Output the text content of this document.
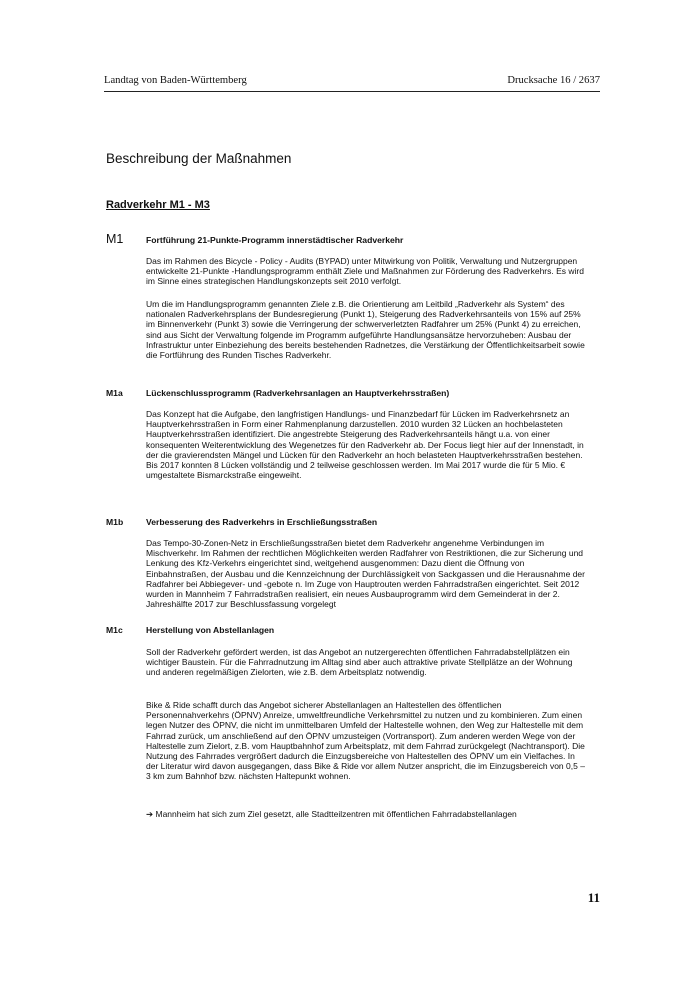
Landtag von Baden-Württemberg	Drucksache 16 / 2637
Beschreibung der Maßnahmen
Radverkehr M1 - M3
M1	Fortführung 21-Punkte-Programm innerstädtischer Radverkehr

Das im Rahmen des Bicycle - Policy - Audits (BYPAD) unter Mitwirkung von Politik, Verwaltung und Nutzergruppen entwickelte 21-Punkte -Handlungsprogramm enthält Ziele und Maßnahmen zur Förderung des Radverkehrs. Es wird im Sinne eines strategischen Handlungskonzepts seit 2010 verfolgt.

Um die im Handlungsprogramm genannten Ziele z.B. die Orientierung am Leitbild „Radverkehr als System“ des nationalen Radverkehrsplans der Bundesregierung (Punkt 1), Steigerung des Radverkehrsanteils von 15% auf 25% im Binnenverkehr (Punkt 3) sowie die Verringerung der schwerverletzten Radfahrer um 25% (Punkt 4) zu erreichen, sind aus Sicht der Verwaltung folgende im Programm aufgeführte Handlungsansätze hervorzuheben: Ausbau der Infrastruktur unter Einbeziehung des bereits bestehenden Radnetzes, die Verstärkung der Öffentlichkeitsarbeit sowie die Fortführung des Runden Tisches Radverkehr.

M1a	Lückenschlussprogramm (Radverkehrsanlagen an Hauptverkehrsstraßen)

Das Konzept hat die Aufgabe, den langfristigen Handlungs- und Finanzbedarf für Lücken im Radverkehrsnetz an Hauptverkehrsstraßen in Form einer Rahmenplanung darzustellen. 2010 wurden 32 Lücken an hochbelasteten Hauptverkehrsstraßen identifiziert. Die angestrebte Steigerung des Radverkehrsanteils hängt u.a. von einer konsequenten Weiterentwicklung des Wegenetzes für den Radverkehr ab. Der Focus liegt hier auf der Innenstadt, in der die gravierendsten Mängel und Lücken für den Radverkehr an hoch belasteten Hauptverkehrsstraßen bestehen. Bis 2017 konnten 8 Lücken vollständig und 2 teilweise geschlossen werden. Im Mai 2017 wurde die für 5 Mio. € umgestaltete Bismarckstraße eingeweiht.

M1b	Verbesserung des Radverkehrs in Erschließungsstraßen

Das Tempo-30-Zonen-Netz in Erschließungsstraßen bietet dem Radverkehr angenehme Verbindungen im Mischverkehr. Im Rahmen der rechtlichen Möglichkeiten werden Radfahrer von Restriktionen, die zur Sicherung und Lenkung des Kfz-Verkehrs eingerichtet sind, weitgehend ausgenommen: Dazu dient die Öffnung von Einbahnstraßen, der Ausbau und die Kennzeichnung der Durchlässigkeit von Sackgassen und die Herausnahme der Radfahrer bei Abbiegever- und -gebote n. Im Zuge von Hauptrouten werden Fahrradstraßen eingerichtet. Seit 2012 wurden in Mannheim 7 Fahrradstraßen realisiert, ein neues Ausbauprogramm wird dem Gemeinderat in der 2. Jahreshälfte 2017 zur Beschlussfassung vorgelegt

M1c	Herstellung von Abstellanlagen

Soll der Radverkehr gefördert werden, ist das Angebot an nutzergerechten öffentlichen Fahrradabstellplätzen ein wichtiger Baustein. Für die Fahrradnutzung im Alltag sind aber auch attraktive private Stellplätze an der Wohnung und anderen regelmäßigen Zielorten, wie z.B. dem Arbeitsplatz notwendig.

Bike & Ride schafft durch das Angebot sicherer Abstellanlagen an Haltestellen des öffentlichen Personennahverkehrs (ÖPNV) Anreize, umweltfreundliche Verkehrsmittel zu nutzen und zu kombinieren. Zum einen legen Nutzer des ÖPNV, die nicht im unmittelbaren Umfeld der Haltestelle wohnen, den Weg zur Haltestelle mit dem Fahrrad zurück, um anschließend auf den ÖPNV umzusteigen (Vortransport). Zum anderen werden Wege von der Haltestelle zum Zielort, z.B. vom Hauptbahnhof zum Arbeitsplatz, mit dem Fahrrad zurückgelegt (Nachtransport). Die Nutzung des Fahrrades vergrößert dadurch die Einzugsbereiche von Haltestellen des ÖPNV um ein Vielfaches. In der Literatur wird davon ausgegangen, dass Bike & Ride vor allem Nutzer anspricht, die im Einzugsbereich von 0,5 – 3 km zum Bahnhof bzw. nächsten Haltepunkt wohnen.

➔ Mannheim hat sich zum Ziel gesetzt, alle Stadtteilzentren mit öffentlichen Fahrradabstellanlagen

11
